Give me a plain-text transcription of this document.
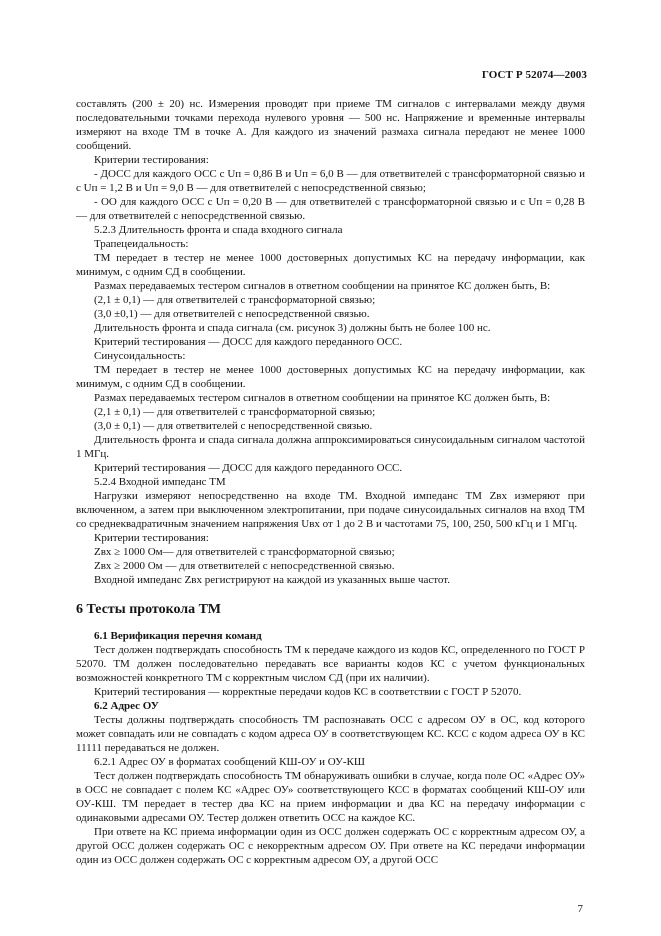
ГОСТ Р 52074—2003

составлять (200 ± 20) нс. Измерения проводят при приеме ТМ сигналов с интервалами между двумя последовательными точками перехода нулевого уровня — 500 нс. Напряжение и временные интервалы измеряют на входе ТМ в точке А. Для каждого из значений размаха сигнала передают не менее 1000 сообщений.

Критерии тестирования:

- ДОСС для каждого ОСС с Uп = 0,86 В и Uп = 6,0 В — для ответвителей с трансформаторной связью и с Uп = 1,2 В и Uп = 9,0 В — для ответвителей с непосредственной связью;

- ОО для каждого ОСС с Uп = 0,20 В — для ответвителей с трансформаторной связью и с Uп = 0,28 В — для ответвителей с непосредственной связью.

5.2.3 Длительность фронта и спада входного сигнала

Трапецеидальность:

ТМ передает в тестер не менее 1000 достоверных допустимых КС на передачу информации, как минимум, с одним СД в сообщении.

Размах передаваемых тестером сигналов в ответном сообщении на принятое КС должен быть, В:

(2,1 ± 0,1) — для ответвителей с трансформаторной связью;

(3,0 ±0,1) — для ответвителей с непосредственной связью.

Длительность фронта и спада сигнала (см. рисунок 3) должны быть не более 100 нс.

Критерий тестирования — ДОСС для каждого переданного ОСС.

Синусоидальность:

ТМ передает в тестер не менее 1000 достоверных допустимых КС на передачу информации, как минимум, с одним СД в сообщении.

Размах передаваемых тестером сигналов в ответном сообщении на принятое КС должен быть, В:

(2,1 ± 0,1) — для ответвителей с трансформаторной связью;

(3,0 ± 0,1) — для ответвителей с непосредственной связью.

Длительность фронта и спада сигнала должна аппроксимироваться синусоидальным сигналом частотой 1 МГц.

Критерий тестирования — ДОСС для каждого переданного ОСС.

5.2.4 Входной импеданс ТМ

Нагрузки измеряют непосредственно на входе ТМ. Входной импеданс ТМ Zвх измеряют при включенном, а затем при выключенном электропитании, при подаче синусоидальных сигналов на вход ТМ со среднеквадратичным значением напряжения Uвх от 1 до 2 В и частотами 75, 100, 250, 500 кГц и 1 МГц.

Критерии тестирования:

Zвх ≥ 1000 Ом— для ответвителей с трансформаторной связью;

Zвх ≥ 2000 Ом — для ответвителей с непосредственной связью.

Входной импеданс Zвх регистрируют на каждой из указанных выше частот.

6 Тесты протокола ТМ

6.1 Верификация перечня команд

Тест должен подтверждать способность ТМ к передаче каждого из кодов КС, определенного по ГОСТ Р 52070. ТМ должен последовательно передавать все варианты кодов КС с учетом функциональных возможностей конкретного ТМ с корректным числом СД (при их наличии).

Критерий тестирования — корректные передачи кодов КС в соответствии с ГОСТ Р 52070.

6.2 Адрес ОУ

Тесты должны подтверждать способность ТМ распознавать ОСС с адресом ОУ в ОС, код которого может совпадать или не совпадать с кодом адреса ОУ в соответствующем КС. КСС с кодом адреса ОУ в КС 11111 передаваться не должен.

6.2.1 Адрес ОУ в форматах сообщений КШ-ОУ и ОУ-КШ

Тест должен подтверждать способность ТМ обнаруживать ошибки в случае, когда поле ОС «Адрес ОУ» в ОСС не совпадает с полем КС «Адрес ОУ» соответствующего КСС в форматах сообщений КШ-ОУ или ОУ-КШ. ТМ передает в тестер два КС на прием информации и два КС на передачу информации с одинаковыми адресами ОУ. Тестер должен ответить ОСС на каждое КС.

При ответе на КС приема информации один из ОСС должен содержать ОС с корректным адресом ОУ, а другой ОСС должен содержать ОС с некорректным адресом ОУ. При ответе на КС передачи информации один из ОСС должен содержать ОС с корректным адресом ОУ, а другой ОСС

7
